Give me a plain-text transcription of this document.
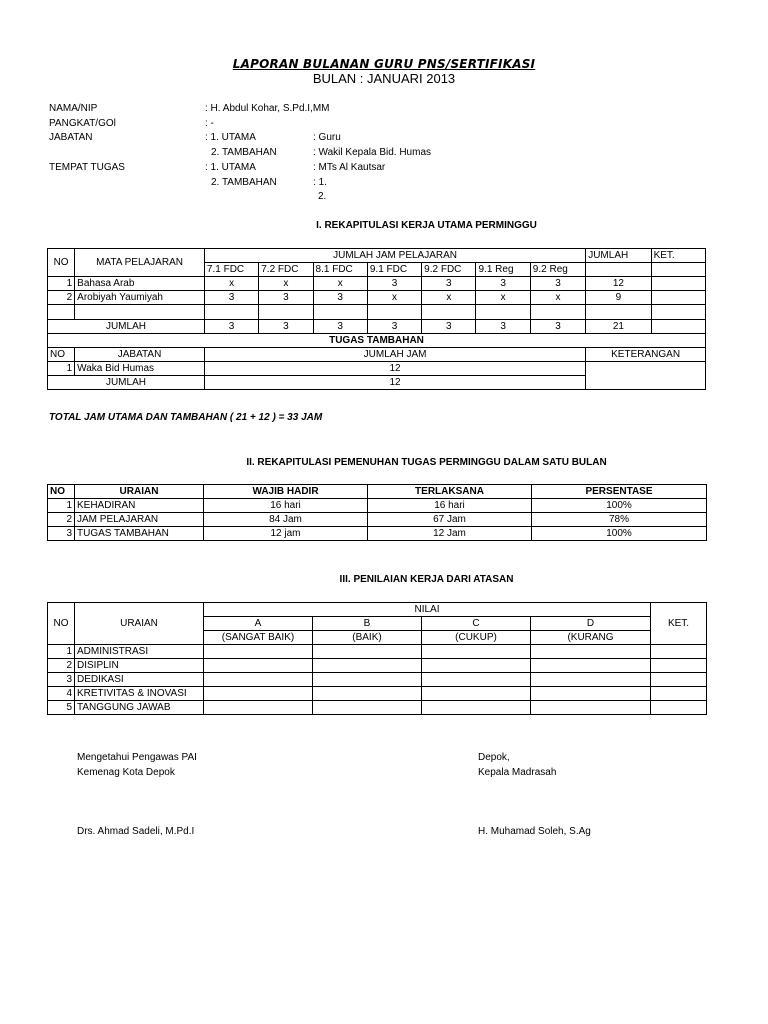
LAPORAN BULANAN GURU PNS/SERTIFIKASI
BULAN : JANUARI 2013
NAMA/NIP	: H. Abdul Kohar, S.Pd.I,MM
PANGKAT/GOl	: -
JABATAN	: 1. UTAMA	: Guru
2. TAMBAHAN	: Wakil Kepala Bid. Humas
TEMPAT TUGAS	: 1. UTAMA	: MTs Al Kautsar
2. TAMBAHAN	: 1.
2.
I. REKAPITULASI KERJA UTAMA PERMINGGU
NO	MATA PELAJARAN	JUMLAH JAM PELAJARAN							JUMLAH	KET.
		7.1 FDC	7.2 FDC	8.1 FDC	9.1 FDC	9.2 FDC	9.1 Reg	9.2 Reg		
1	Bahasa Arab	x	x	x	3	3	3	3	12	
2	Arobiyah Yaumiyah	3	3	3	x	x	x	x	9	

JUMLAH		3	3	3	3	3	3	3	21	
TUGAS TAMBAHAN										
NO	JABATAN	JUMLAH JAM							KETERANGAN	
1	Waka Bid Humas	12								
JUMLAH		12								
TOTAL JAM UTAMA DAN TAMBAHAN ( 21 + 12 ) = 33 JAM
II. REKAPITULASI PEMENUHAN TUGAS PERMINGGU DALAM SATU BULAN
NO	URAIAN	WAJIB HADIR	TERLAKSANA	PERSENTASE
1	KEHADIRAN	16 hari	16 hari	100%
2	JAM PELAJARAN	84 Jam	67 Jam	78%
3	TUGAS TAMBAHAN	12 jam	12 Jam	100%
III. PENILAIAN KERJA DARI ATASAN
NO	URAIAN	NILAI				KET.
		A	B	C	D	
		(SANGAT BAIK)	(BAIK)	(CUKUP)	(KURANG	
1	ADMINISTRASI					
2	DISIPLIN					
3	DEDIKASI					
4	KRETIVITAS & INOVASI					
5	TANGGUNG JAWAB					
Mengetahui Pengawas PAI
Kemenag Kota Depok
Drs. Ahmad Sadeli, M.Pd.I
Depok,
Kepala Madrasah
H. Muhamad Soleh, S.Ag
